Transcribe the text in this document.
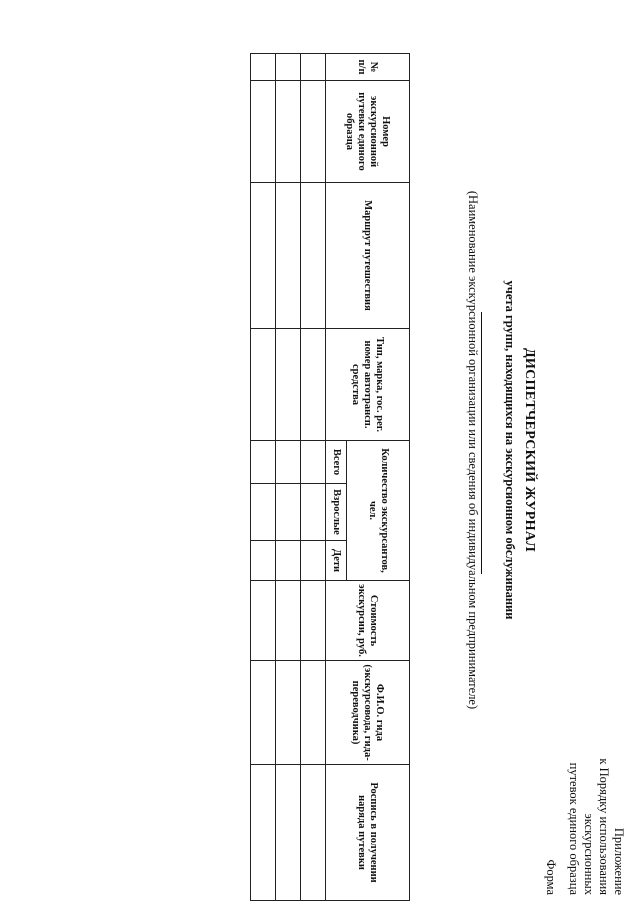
Приложение
к Порядку использования экскурсионных
путевок единого образца
Форма
ДИСПЕТЧЕРСКИЙ ЖУРНАЛ
учета групп, находящихся на экскурсионном обслуживании
(Наименование экскурсионной организации или сведения об индивидуальном предпринимателе)
№ п/п	Номер экскурсионной путевки единого образца	Маршрут путешествия	Тип, марка, гос. рег. номер автотрансп. средства	Количество экскурсантов, чел.			Стоимость экскурсии, руб.	Ф.И.О. гида (экскурсовода, гида-переводчика)	Роспись в получении наряда путевки
				Всего	Взрослые	Дети			
